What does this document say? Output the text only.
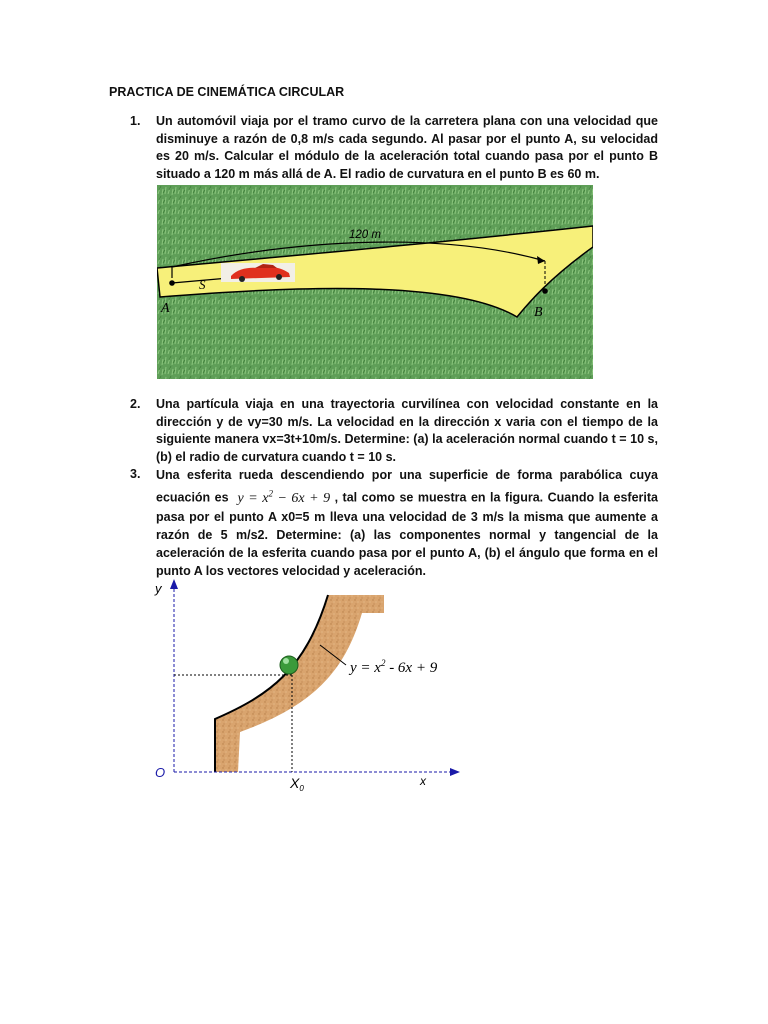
PRACTICA DE CINEMÁTICA CIRCULAR
1. Un automóvil viaja por el tramo curvo de la carretera plana con una velocidad que disminuye a razón de 0,8 m/s cada segundo. Al pasar por el punto A, su velocidad es 20 m/s. Calcular el módulo de la aceleración total cuando pasa por el punto B situado a 120 m más allá de A. El radio de curvatura en el punto B es 60 m.
120 m
S
A	B
2. Una partícula viaja en una trayectoria curvilínea con velocidad constante en la dirección y de vy=30 m/s. La velocidad en la dirección x varia con el tiempo de la siguiente manera vx=3t+10m/s. Determine: (a) la aceleración normal cuando t = 10 s, (b) el radio de curvatura cuando t = 10 s.
3. Una esferita rueda descendiendo por una superficie de forma parabólica cuya ecuación es $y = x^2 - 6x + 9$ , tal como se muestra en la figura. Cuando la esferita pasa por el punto A x0=5 m lleva una velocidad de 3 m/s la misma que aumente a razón de 5 m/s2. Determine: (a) las componentes normal y tangencial de la aceleración de la esferita cuando pasa por el punto A, (b) el ángulo que forma en el punto A los vectores velocidad y aceleración.
y
O
x
$X_0$
$y = x^2 - 6x + 9$
